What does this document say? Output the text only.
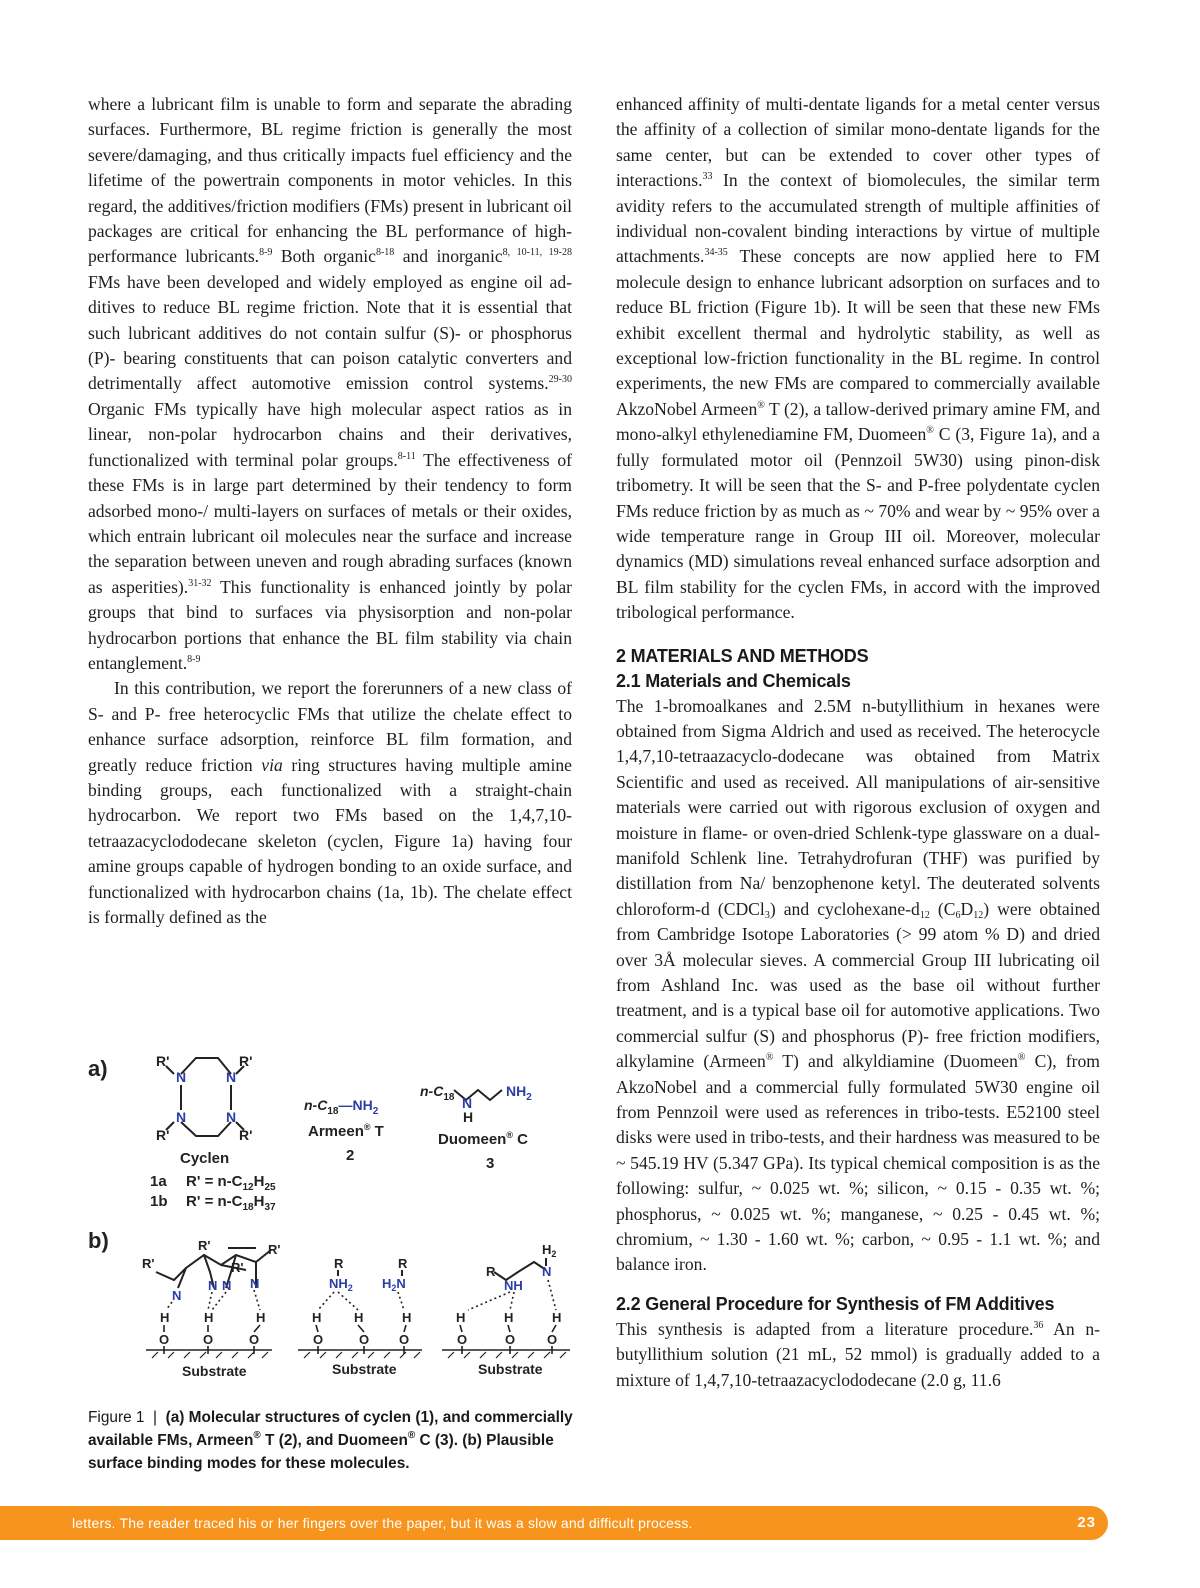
where a lubricant film is unable to form and separate the abrading surfaces. Furthermore, BL regime friction is generally the most severe/damaging, and thus critically impacts fuel efficiency and the lifetime of the powertrain components in motor vehicles. In this regard, the additives/friction modifiers (FMs) present in lubricant oil packages are critical for enhancing the BL performance of high-performance lubricants.$^{8-9}$ Both organic$^{8-18}$ and inorganic$^{8, 10-11, 19-28}$ FMs have been developed and widely employed as engine oil additives to reduce BL regime friction. Note that it is essential that such lubricant additives do not contain sulfur (S)- or phosphorus (P)- bearing constituents that can poison catalytic converters and detrimentally affect automotive emission control systems.$^{29-30}$ Organic FMs typically have high molecular aspect ratios as in linear, non-polar hydrocarbon chains and their derivatives, functionalized with terminal polar groups.$^{8-11}$ The effectiveness of these FMs is in large part determined by their tendency to form adsorbed mono-/ multi-layers on surfaces of metals or their oxides, which entrain lubricant oil molecules near the surface and increase the separation between uneven and rough abrading surfaces (known as asperities).$^{31-32}$ This functionality is enhanced jointly by polar groups that bind to surfaces via physisorption and non-polar hydrocarbon portions that enhance the BL film stability via chain entanglement.$^{8-9}$

In this contribution, we report the forerunners of a new class of S- and P- free heterocyclic FMs that utilize the chelate effect to enhance surface adsorption, reinforce BL film formation, and greatly reduce friction via ring structures having multiple amine binding groups, each functionalized with a straight-chain hydrocarbon. We report two FMs based on the 1,4,7,10-tetraazacyclododecane skeleton (cyclen, Figure 1a) having four amine groups capable of hydrogen bonding to an oxide surface, and functionalized with hydrocarbon chains (1a, 1b). The chelate effect is formally defined as the

enhanced affinity of multi-dentate ligands for a metal center versus the affinity of a collection of similar mono-dentate ligands for the same center, but can be extended to cover other types of interactions.$^{33}$ In the context of biomolecules, the similar term avidity refers to the accumulated strength of multiple affinities of individual non-covalent binding interactions by virtue of multiple attachments.$^{34-35}$ These concepts are now applied here to FM molecule design to enhance lubricant adsorption on surfaces and to reduce BL friction (Figure 1b). It will be seen that these new FMs exhibit excellent thermal and hydrolytic stability, as well as exceptional low-friction functionality in the BL regime. In control experiments, the new FMs are compared to commercially available AkzoNobel Armeen® T (2), a tallow-derived primary amine FM, and mono-alkyl ethylenediamine FM, Duomeen® C (3, Figure 1a), and a fully formulated motor oil (Pennzoil 5W30) using pinon-disk tribometry. It will be seen that the S- and P-free polydentate cyclen FMs reduce friction by as much as ~ 70% and wear by ~ 95% over a wide temperature range in Group III oil. Moreover, molecular dynamics (MD) simulations reveal enhanced surface adsorption and BL film stability for the cyclen FMs, in accord with the improved tribological performance.

2 MATERIALS AND METHODS
2.1 Materials and Chemicals

The 1-bromoalkanes and 2.5M n-butyllithium in hexanes were obtained from Sigma Aldrich and used as received. The heterocycle 1,4,7,10-tetraazacyclo-dodecane was obtained from Matrix Scientific and used as received. All manipulations of air-sensitive materials were carried out with rigorous exclusion of oxygen and moisture in flame- or oven-dried Schlenk-type glassware on a dual-manifold Schlenk line. Tetrahydrofuran (THF) was purified by distillation from Na/ benzophenone ketyl. The deuterated solvents chloroform-d (CDCl$_3$) and cyclohexane-$d_{12}$ $(C_6D_{12})$ were obtained from Cambridge Isotope Laboratories (> 99 atom % D) and dried over 3Å molecular sieves. A commercial Group III lubricating oil from Ashland Inc. was used as the base oil without further treatment, and is a typical base oil for automotive applications. Two commercial sulfur (S) and phosphorus (P)- free friction modifiers, alkylamine (Armeen® T) and alkyldiamine (Duomeen® C), from AkzoNobel and a commercial fully formulated 5W30 engine oil from Pennzoil were used as references in tribo-tests. E52100 steel disks were used in tribo-tests, and their hardness was measured to be ~ 545.19 HV (5.347 GPa). Its typical chemical composition is as the following: sulfur, ~ 0.025 wt. %; silicon, ~ 0.15 - 0.35 wt. %; phosphorus, ~ 0.025 wt. %; manganese, ~ 0.25 - 0.45 wt. %; chromium, ~ 1.30 - 1.60 wt. %; carbon, ~ 0.95 - 1.1 wt. %; and balance iron.

2.2 General Procedure for Synthesis of FM Additives

This synthesis is adapted from a literature procedure.$^{36}$ An n-butyllithium solution (21 mL, 52 mmol) is gradually added to a mixture of 1,4,7,10-tetraazacyclododecane (2.0 g, 11.6

a)
b)
R'	R'
R'	R'
N	N
N	N
Cyclen
1a
1b
$R' = n-C_{12}H_{25}$
$R' = n-C_{18}H_{37}$
$n-C_{18}—NH_2$
Armeen® T
2
$n-C_{18}$ N
H
$NH_2$
Duomeen® C
3
R'
R'
R'
R'
N
N N N
R	R
$NH_2$ $H_2N$
R
NH
$H_2$
N
H	H	H	H	H	H	H	H	H
O	O	O	O	O O	O	O O
Substrate	Substrate	Substrate
Figure 1  |  (a) Molecular structures of cyclen (1), and commercially available FMs, Armeen® T (2), and Duomeen® C (3). (b) Plausible surface binding modes for these molecules.
letters. The reader traced his or her fingers over the paper, but it was a slow and difficult process.	23
